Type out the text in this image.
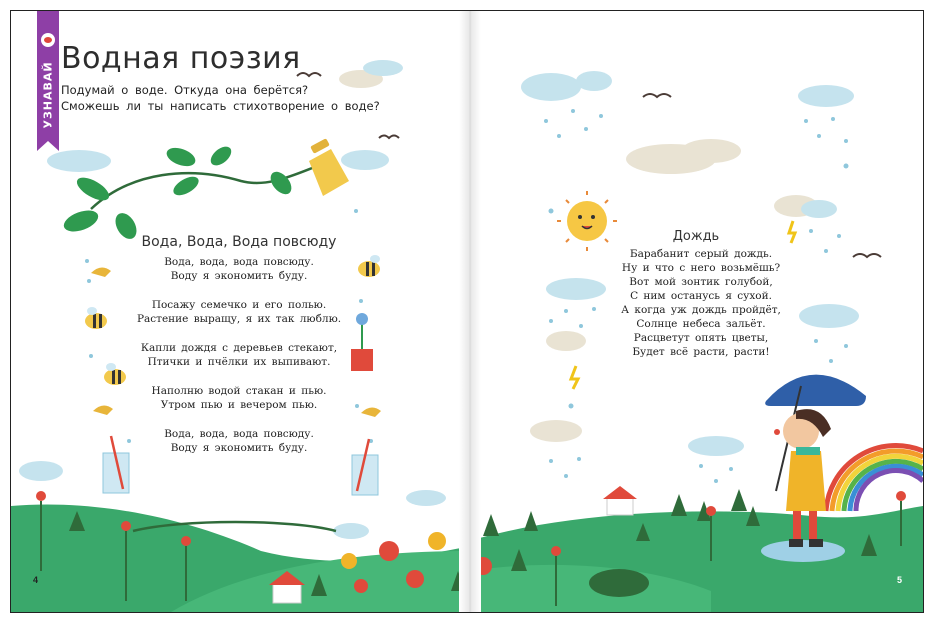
УЗНАВАЙ
Водная поэзия
Подумай о воде. Откуда она берётся?
Сможешь ли ты написать стихотворение о воде?
Вода, Вода, Вода повсюду
Вода, вода, вода повсюду.
Воду я экономить буду.
Посажу семечко и его полью.
Растение выращу, я их так люблю.
Капли дождя с деревьев стекают,
Птички и пчёлки их выпивают.
Наполню водой стакан и пью.
Утром пью и вечером пью.
Вода, вода, вода повсюду.
Воду я экономить буду.
4
Дождь
Барабанит серый дождь.
Ну и что с него возьмёшь?
Вот мой зонтик голубой,
С ним останусь я сухой.
А когда уж дождь пройдёт,
Солнце небеса зальёт.
Расцветут опять цветы,
Будет всё расти, расти!
5
